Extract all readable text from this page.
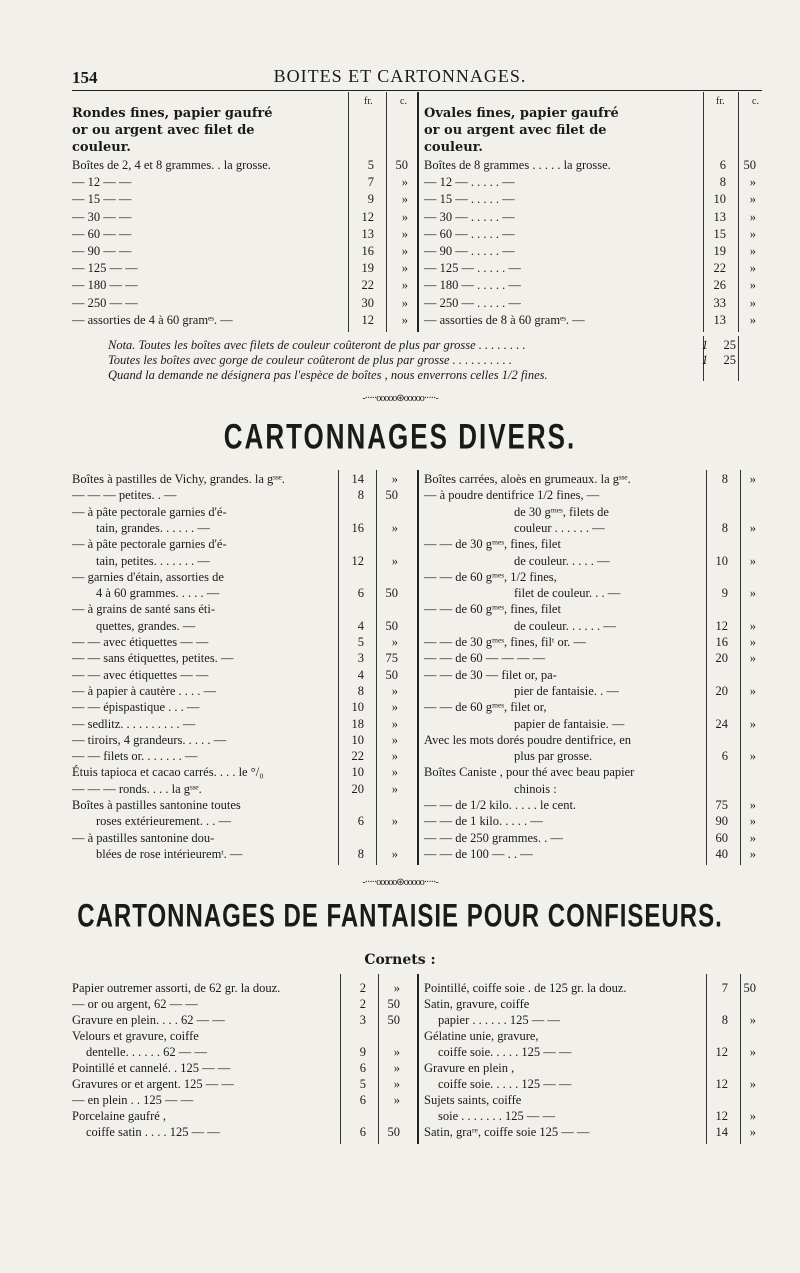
154	BOITES ET CARTONNAGES.
Rondes fines, papier gaufré
or ou argent avec filet de
couleur.
fr.	c.
Ovales fines, papier gaufré
or ou argent avec filet de
couleur.
fr.	c.
Boîtes de 2, 4 et 8 grammes. . la grosse.	5	50
— 12 — —	7	»
— 15 — —	9	»
— 30 — —	12	»
— 60 — —	13	»
— 90 — —	16	»
— 125 — —	19	»
— 180 — —	22	»
— 250 — —	30	»
— assorties de 4 à 60 gramᵉˢ. —	12	»
Boîtes de 8 grammes . . . . . la grosse.	6	50
— 12 — . . . . . —	8	»
— 15 — . . . . . —	10	»
— 30 — . . . . . —	13	»
— 60 — . . . . . —	15	»
— 90 — . . . . . —	19	»
— 125 — . . . . . —	22	»
— 180 — . . . . . —	26	»
— 250 — . . . . . —	33	»
— assorties de 8 à 60 gramᵉˢ. —	13	»
Nota. Toutes les boîtes avec filets de couleur coûteront de plus par grosse . . . . . . . .	1	25
Toutes les boîtes avec gorge de couleur coûteront de plus par grosse . . . . . . . . . .	1	25
Quand la demande ne désignera pas l'espèce de boîtes , nous enverrons celles 1/2 fines.
-·····ooooo⊛ooooo·····-
CARTONNAGES DIVERS.
Boîtes à pastilles de Vichy, grandes. la gˢˢᵉ.	14	»
— — — petites. . —	8	50
— à pâte pectorale garnies d'é-
tain, grandes. . . . . . —	16	»
— à pâte pectorale garnies d'é-
tain, petites. . . . . . . —	12	»
— garnies d'étain, assorties de
4 à 60 grammes. . . . . —	6	50
— à grains de santé sans éti-
quettes, grandes. —	4	50
— — avec étiquettes — —	5	»
— — sans étiquettes, petites. —	3	75
— — avec étiquettes — —	4	50
— à papier à cautère . . . . —	8	»
— — épispastique . . . —	10	»
— sedlitz. . . . . . . . . . —	18	»
— tiroirs, 4 grandeurs. . . . . —	10	»
— — filets or. . . . . . . —	22	»
Étuis tapioca et cacao carrés. . . . le °/₀	10	»
— — — ronds. . . . la gˢˢᵉ.	20	»
Boîtes à pastilles santonine toutes
roses extérieurement. . . —	6	»
— à pastilles santonine dou-
blées de rose intérieuremᵗ. —	8	»
Boîtes carrées, aloès en grumeaux. la gˢˢᵉ.	8	»
— à poudre dentifrice 1/2 fines, —
de 30 gᵐᵉˢ, filets de
couleur . . . . . . —	8	»
— — de 30 gᵐᵉˢ, fines, filet
de couleur. . . . . —	10	»
— — de 60 gᵐᵉˢ, 1/2 fines,
filet de couleur. . . —	9	»
— — de 60 gᵐᵉˢ, fines, filet
de couleur. . . . . . —	12	»
— — de 30 gᵐᵉˢ, fines, filᵗ or. —	16	»
— — de 60 — — — —	20	»
— — de 30 — filet or, pa-
pier de fantaisie. . —	20	»
— — de 60 gᵐᵉˢ, filet or,
papier de fantaisie. —	24	»
Avec les mots dorés poudre dentifrice, en
plus par grosse.	6	»
Boîtes Caniste , pour thé avec beau papier
chinois :
— — de 1/2 kilo. . . . . le cent.	75	»
— — de 1 kilo. . . . . —	90	»
— — de 250 grammes. . —	60	»
— — de 100 — . . —	40	»
-·····ooooo⊛ooooo·····-
CARTONNAGES DE FANTAISIE POUR CONFISEURS.
Cornets :
Papier outremer assorti, de 62 gr. la douz.	2	»
— or ou argent, 62 — —	2	50
Gravure en plein. . . . 62 — —	3	50
Velours et gravure, coiffe
dentelle. . . . . . 62 — —	9	»
Pointillé et cannelé. . 125 — —	6	»
Gravures or et argent. 125 — —	5	»
— en plein . . 125 — —	6	»
Porcelaine gaufré ,
coiffe satin . . . . 125 — —	6	50
Pointillé, coiffe soie . de 125 gr. la douz.	7	50
Satin, gravure, coiffe
papier . . . . . . 125 — —	8	»
Gélatine unie, gravure,
coiffe soie. . . . . 125 — —	12	»
Gravure en plein ,
coiffe soie. . . . . 125 — —	12	»
Sujets saints, coiffe
soie . . . . . . . 125 — —	12	»
Satin, graʳᵉ, coiffe soie 125 — —	14	»
